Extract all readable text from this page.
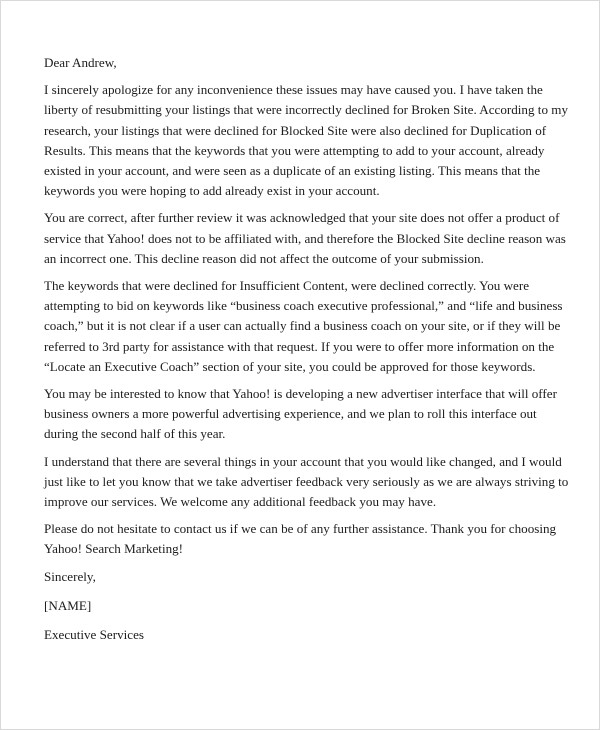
Dear Andrew,

I sincerely apologize for any inconvenience these issues may have caused you. I have taken the liberty of resubmitting your listings that were incorrectly declined for Broken Site. According to my research, your listings that were declined for Blocked Site were also declined for Duplication of Results. This means that the keywords that you were attempting to add to your account, already existed in your account, and were seen as a duplicate of an existing listing. This means that the keywords you were hoping to add already exist in your account.

You are correct, after further review it was acknowledged that your site does not offer a product of service that Yahoo! does not to be affiliated with, and therefore the Blocked Site decline reason was an incorrect one. This decline reason did not affect the outcome of your submission.

The keywords that were declined for Insufficient Content, were declined correctly. You were attempting to bid on keywords like “business coach executive professional,” and “life and business coach,” but it is not clear if a user can actually find a business coach on your site, or if they will be referred to 3rd party for assistance with that request. If you were to offer more information on the “Locate an Executive Coach” section of your site, you could be approved for those keywords.

You may be interested to know that Yahoo! is developing a new advertiser interface that will offer business owners a more powerful advertising experience, and we plan to roll this interface out during the second half of this year.

I understand that there are several things in your account that you would like changed, and I would just like to let you know that we take advertiser feedback very seriously as we are always striving to improve our services. We welcome any additional feedback you may have.

Please do not hesitate to contact us if we can be of any further assistance. Thank you for choosing Yahoo! Search Marketing!

Sincerely,

[NAME]

Executive Services
